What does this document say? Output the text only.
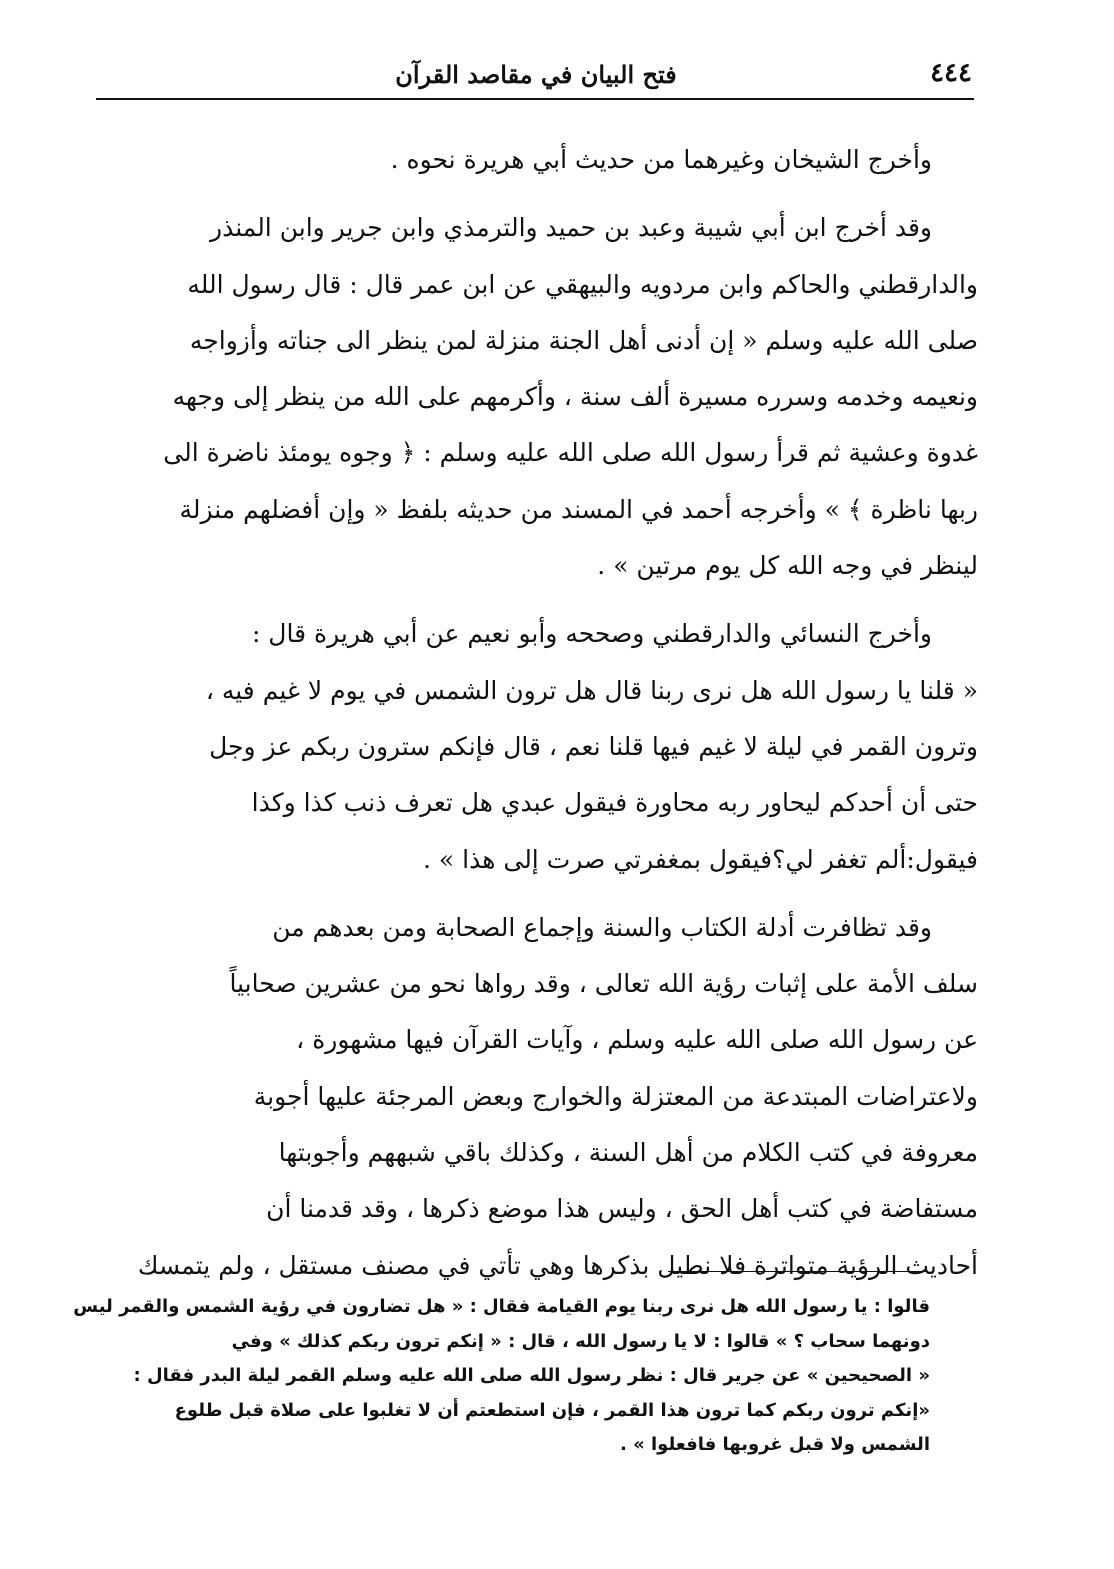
٤٤٤
فتح البيان في مقاصد القرآن

وأخرج الشيخان وغيرهما من حديث أبي هريرة نحوه .

وقد أخرج ابن أبي شيبة وعبد بن حميد والترمذي وابن جرير وابن المنذر
والدارقطني والحاكم وابن مردويه والبيهقي عن ابن عمر قال : قال رسول الله
صلى الله عليه وسلم « إن أدنى أهل الجنة منزلة لمن ينظر الى جناته وأزواجه
ونعيمه وخدمه وسرره مسيرة ألف سنة ، وأكرمهم على الله من ينظر إلى وجهه
غدوة وعشية ثم قرأ رسول الله صلى الله عليه وسلم : ﴿ وجوه يومئذ ناضرة الى
ربها ناظرة ﴾ » وأخرجه أحمد في المسند من حديثه بلفظ « وإن أفضلهم منزلة
لينظر في وجه الله كل يوم مرتين » .

وأخرج النسائي والدارقطني وصححه وأبو نعيم عن أبي هريرة قال :
« قلنا يا رسول الله هل نرى ربنا قال هل ترون الشمس في يوم لا غيم فيه ،
وترون القمر في ليلة لا غيم فيها قلنا نعم ، قال فإنكم سترون ربكم عز وجل
حتى أن أحدكم ليحاور ربه محاورة فيقول عبدي هل تعرف ذنب كذا وكذا
فيقول:ألم تغفر لي؟فيقول بمغفرتي صرت إلى هذا » .

وقد تظافرت أدلة الكتاب والسنة وإجماع الصحابة ومن بعدهم من
سلف الأمة على إثبات رؤية الله تعالى ، وقد رواها نحو من عشرين صحابياً
عن رسول الله صلى الله عليه وسلم ، وآيات القرآن فيها مشهورة ،
ولاعتراضات المبتدعة من المعتزلة والخوارج وبعض المرجئة عليها أجوبة
معروفة في كتب الكلام من أهل السنة ، وكذلك باقي شبههم وأجوبتها
مستفاضة في كتب أهل الحق ، وليس هذا موضع ذكرها ، وقد قدمنا أن
أحاديث الرؤية متواترة فلا نطيل بذكرها وهي تأتي في مصنف مستقل ، ولم يتمسك

قالوا : يا رسول الله هل نرى ربنا يوم القيامة فقال : « هل تضارون في رؤية الشمس والقمر ليس
دونهما سحاب ؟ » قالوا : لا يا رسول الله ، قال : « إنكم ترون ربكم كذلك » وفي
« الصحيحين » عن جرير قال : نظر رسول الله صلى الله عليه وسلم القمر ليلة البدر فقال :
«إنكم ترون ربكم كما ترون هذا القمر ، فإن استطعتم أن لا تغلبوا على صلاة قبل طلوع
الشمس ولا قبل غروبها فافعلوا » .
